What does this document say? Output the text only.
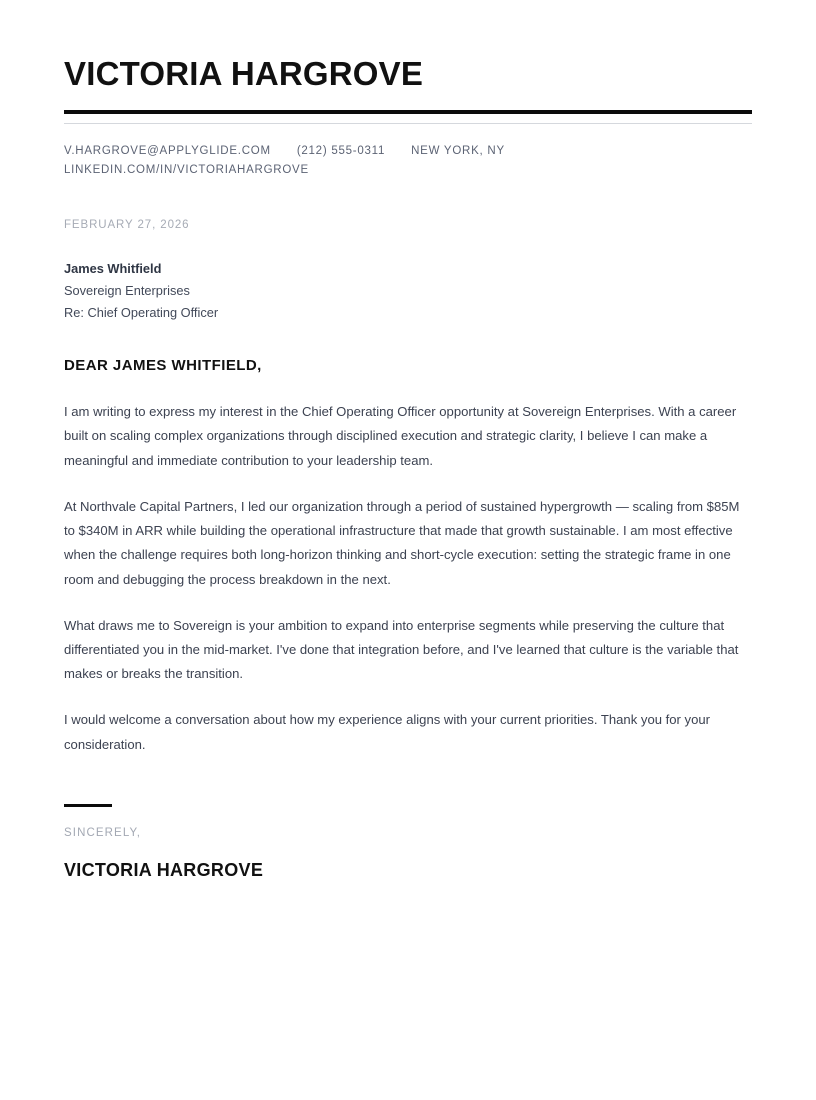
VICTORIA HARGROVE
V.HARGROVE@APPLYGLIDE.COM (212) 555-0311 NEW YORK, NY
LINKEDIN.COM/IN/VICTORIAHARGROVE
FEBRUARY 27, 2026
James Whitfield
Sovereign Enterprises
Re: Chief Operating Officer
DEAR JAMES WHITFIELD,

I am writing to express my interest in the Chief Operating Officer opportunity at Sovereign Enterprises. With a career built on scaling complex organizations through disciplined execution and strategic clarity, I believe I can make a meaningful and immediate contribution to your leadership team.

At Northvale Capital Partners, I led our organization through a period of sustained hypergrowth — scaling from $85M to $340M in ARR while building the operational infrastructure that made that growth sustainable. I am most effective when the challenge requires both long-horizon thinking and short-cycle execution: setting the strategic frame in one room and debugging the process breakdown in the next.

What draws me to Sovereign is your ambition to expand into enterprise segments while preserving the culture that differentiated you in the mid-market. I've done that integration before, and I've learned that culture is the variable that makes or breaks the transition.

I would welcome a conversation about how my experience aligns with your current priorities. Thank you for your consideration.

SINCERELY,
VICTORIA HARGROVE
